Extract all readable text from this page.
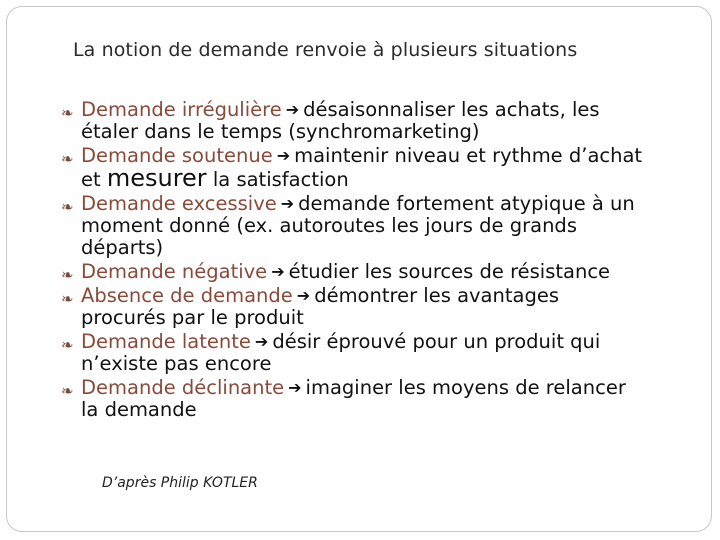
La notion de demande renvoie à plusieurs situations
❧ Demande irrégulière ➔ désaisonnaliser les achats, les
étaler dans le temps (synchromarketing)
❧ Demande soutenue ➔ maintenir niveau et rythme d’achat
et mesurer la satisfaction
❧ Demande excessive ➔ demande fortement atypique à un
moment donné (ex. autoroutes les jours de grands
départs)
❧ Demande négative ➔ étudier les sources de résistance
❧ Absence de demande ➔ démontrer les avantages
procurés par le produit
❧ Demande latente ➔ désir éprouvé pour un produit qui
n’existe pas encore
❧ Demande déclinante ➔ imaginer les moyens de relancer
la demande
D’après Philip KOTLER
